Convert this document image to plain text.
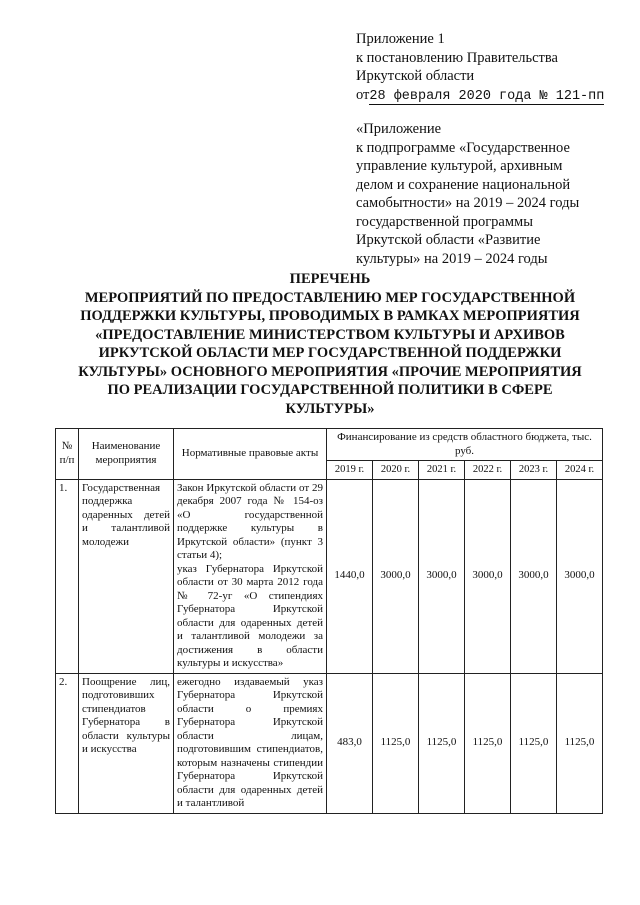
Приложение 1
к постановлению Правительства
Иркутской области
от28 февраля 2020 года № 121-пп
«Приложение
к подпрограмме «Государственное
управление культурой, архивным
делом и сохранение национальной
самобытности» на 2019 – 2024 годы
государственной программы
Иркутской области «Развитие
культуры» на 2019 – 2024 годы
ПЕРЕЧЕНЬ
МЕРОПРИЯТИЙ ПО ПРЕДОСТАВЛЕНИЮ МЕР ГОСУДАРСТВЕННОЙ
ПОДДЕРЖКИ КУЛЬТУРЫ, ПРОВОДИМЫХ В РАМКАХ МЕРОПРИЯТИЯ
«ПРЕДОСТАВЛЕНИЕ МИНИСТЕРСТВОМ КУЛЬТУРЫ И АРХИВОВ
ИРКУТСКОЙ ОБЛАСТИ МЕР ГОСУДАРСТВЕННОЙ ПОДДЕРЖКИ
КУЛЬТУРЫ» ОСНОВНОГО МЕРОПРИЯТИЯ «ПРОЧИЕ МЕРОПРИЯТИЯ
ПО РЕАЛИЗАЦИИ ГОСУДАРСТВЕННОЙ ПОЛИТИКИ В СФЕРЕ
КУЛЬТУРЫ»
№ п/п	Наименование мероприятия	Нормативные правовые акты	Финансирование из средств областного бюджета, тыс. руб.					
			2019 г.	2020 г.	2021 г.	2022 г.	2023 г.	2024 г.
1.	Государственная поддержка одаренных детей и талантливой молодежи	Закон Иркутской области от 29 декабря 2007 года № 154-оз «О государственной поддержке культуры в Иркутской области» (пункт 3 статьи 4);
указ Губернатора Иркутской области от 30 марта 2012 года № 72-уг «О стипендиях Губернатора Иркутской области для одаренных детей и талантливой молодежи за достижения в области культуры и искусства»	1440,0	3000,0	3000,0	3000,0	3000,0	3000,0
2.	Поощрение лиц, подготовивших стипендиатов Губернатора в области культуры и искусства	ежегодно издаваемый указ Губернатора Иркутской области о премиях Губернатора Иркутской области лицам, подготовившим стипендиатов, которым назначены стипендии Губернатора Иркутской области для одаренных детей и талантливой	483,0	1125,0	1125,0	1125,0	1125,0	1125,0
